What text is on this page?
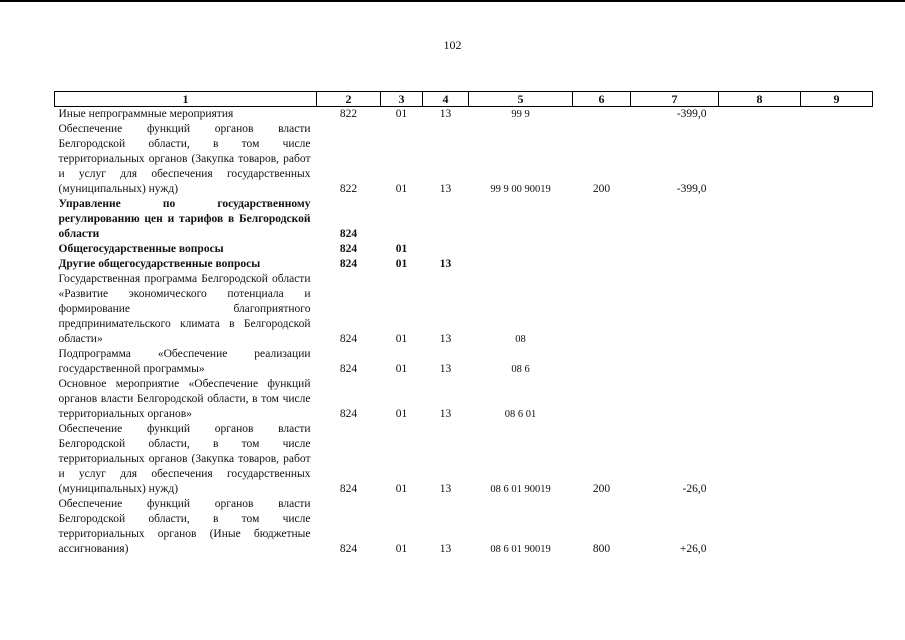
102
1	2	3	4	5	6	7	8	9
Иные непрограммные мероприятия	822	01	13	99 9		-399,0		
Обеспечение функций органов власти Белгородской области, в том числе территориальных органов (Закупка товаров, работ и услуг для обеспечения государственных (муниципальных) нужд)	822	01	13	99 9 00 90019	200	-399,0		
Управление по государственному регулированию цен и тарифов в Белгородской области	824							
Общегосударственные вопросы	824	01						
Другие общегосударственные вопросы	824	01	13					
Государственная программа Белгородской области «Развитие экономического потенциала и формирование благоприятного предпринимательского климата в Белгородской области»	824	01	13	08				
Подпрограмма «Обеспечение реализации государственной программы»	824	01	13	08 6				
Основное мероприятие «Обеспечение функций органов власти Белгородской области, в том числе территориальных органов»	824	01	13	08 6 01				
Обеспечение функций органов власти Белгородской области, в том числе территориальных органов (Закупка товаров, работ и услуг для обеспечения государственных (муниципальных) нужд)	824	01	13	08 6 01 90019	200	-26,0		
Обеспечение функций органов власти Белгородской области, в том числе территориальных органов (Иные бюджетные ассигнования)	824	01	13	08 6 01 90019	800	+26,0		
